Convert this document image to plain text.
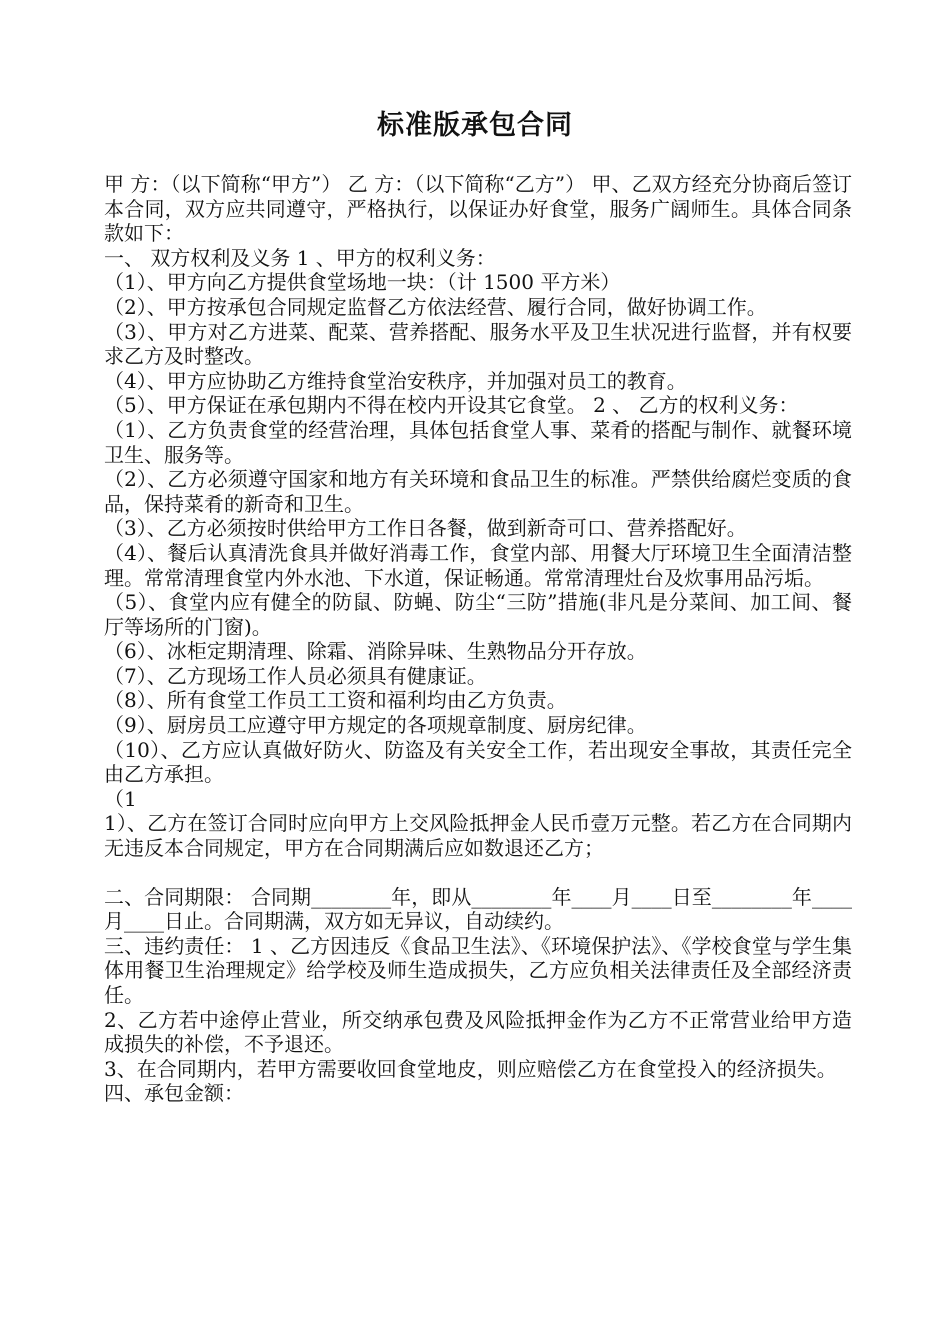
标准版承包合同

甲 方：（以下简称“甲方”） 乙 方：（以下简称“乙方”） 甲、乙双方经充分协商后签订本合同，双方应共同遵守，严格执行，以保证办好食堂，服务广阔师生。具体合同条款如下：

一、 双方权利及义务 1 、甲方的权利义务：

（1）、甲方向乙方提供食堂场地一块：（计 1500 平方米）

（2）、甲方按承包合同规定监督乙方依法经营、履行合同，做好协调工作。

（3）、甲方对乙方进菜、配菜、营养搭配、服务水平及卫生状况进行监督，并有权要求乙方及时整改。

（4）、甲方应协助乙方维持食堂治安秩序，并加强对员工的教育。

（5）、甲方保证在承包期内不得在校内开设其它食堂。 2 、 乙方的权利义务：

（1）、乙方负责食堂的经营治理，具体包括食堂人事、菜肴的搭配与制作、就餐环境卫生、服务等。

（2）、乙方必须遵守国家和地方有关环境和食品卫生的标准。严禁供给腐烂变质的食品，保持菜肴的新奇和卫生。

（3）、乙方必须按时供给甲方工作日各餐，做到新奇可口、营养搭配好。

（4）、餐后认真清洗食具并做好消毒工作，食堂内部、用餐大厅环境卫生全面清洁整理。常常清理食堂内外水池、下水道，保证畅通。常常清理灶台及炊事用品污垢。

（5）、食堂内应有健全的防鼠、防蝇、防尘“三防”措施(非凡是分菜间、加工间、餐厅等场所的门窗)。

（6）、冰柜定期清理、除霜、消除异味、生熟物品分开存放。

（7）、乙方现场工作人员必须具有健康证。

（8）、所有食堂工作员工工资和福利均由乙方负责。

（9）、厨房员工应遵守甲方规定的各项规章制度、厨房纪律。

（10）、乙方应认真做好防火、防盗及有关安全工作，若出现安全事故，其责任完全由乙方承担。

（1

1）、乙方在签订合同时应向甲方上交风险抵押金人民币壹万元整。若乙方在合同期内无违反本合同规定，甲方在合同期满后应如数退还乙方；

二、合同期限： 合同期________年，即从________年____月____日至________年____月____日止。合同期满，双方如无异议，自动续约。

三、违约责任： 1 、乙方因违反《食品卫生法》、《环境保护法》、《学校食堂与学生集体用餐卫生治理规定》给学校及师生造成损失，乙方应负相关法律责任及全部经济责任。

2、乙方若中途停止营业，所交纳承包费及风险抵押金作为乙方不正常营业给甲方造成损失的补偿，不予退还。

3、在合同期内，若甲方需要收回食堂地皮，则应赔偿乙方在食堂投入的经济损失。

四、承包金额：
